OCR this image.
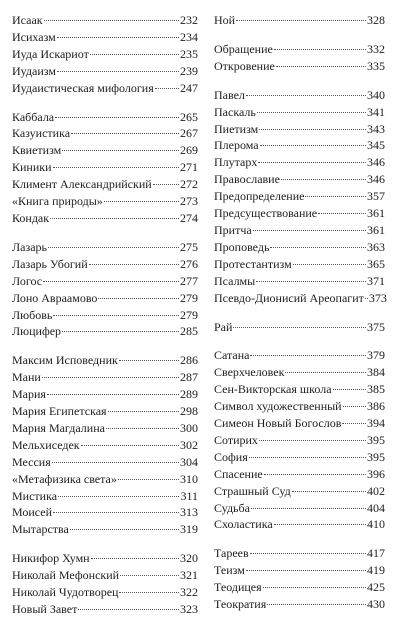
Исаак	232
Исихазм	234
Иуда Искариот	235
Иудаизм	239
Иудаистическая мифология 247
Каббала	265
Казуистика	267
Квиетизм	269
Киники	271
Климент Александрийский 272
«Книга природы»	273
Кондак	274
Лазарь	275
Лазарь Убогий	276
Логос	277
Лоно Авраамово	279
Любовь	279
Люцифер	285
Максим Исповедник	286
Мани	287
Мария	289
Мария Египетская	298
Мария Магдалина	300
Мельхиседек	302
Мессия	304
«Метафизика света»	310
Мистика	311
Моисей	313
Мытарства	319
Никифор Хумн	320
Николай Мефонский	321
Николай Чудотворец	322
Новый Завет	323
Ной	328
Обращение	332
Откровение	335
Павел	340
Паскаль	341
Пиетизм	343
Плерома	345
Плутарх	346
Православие	346
Предопределение	357
Предсуществование	361
Притча	361
Проповедь	363
Протестантизм	365
Псалмы	371
Псевдо-Дионисий Ареопагит 373
Рай	375
Сатана	379
Сверхчеловек	384
Сен-Викторская школа	385
Символ художественный 386
Симеон Новый Богослов 394
Сотирих	395
София	395
Спасение	396
Страшный Суд	402
Судьба	404
Схоластика	410
Тареев	417
Теизм	419
Теодицея	425
Теократия	430
